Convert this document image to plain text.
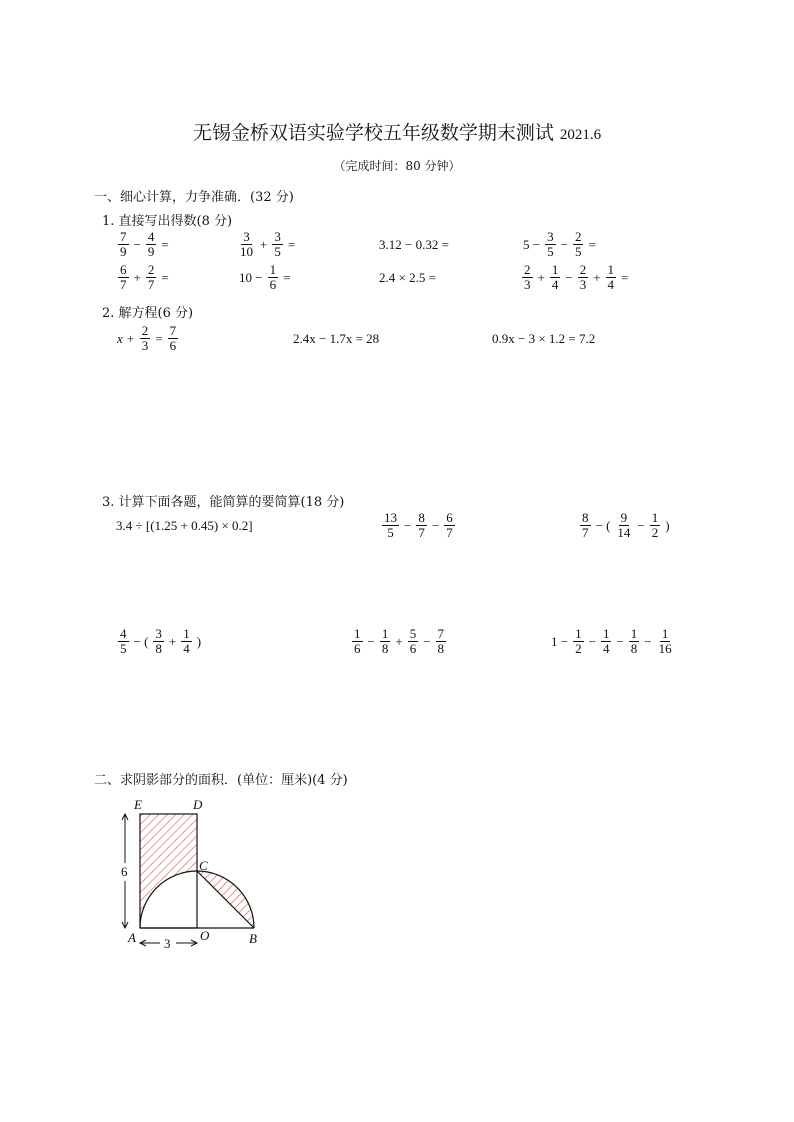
无锡金桥双语实验学校五年级数学期末测试 2021.6
（完成时间：80 分钟）
一、细心计算，力争准确．(32 分)
1. 直接写出得数(8 分)
$\frac{7}{9} - \frac{4}{9}$ =	$\frac{3}{10} + \frac{3}{5}$ =	3.12 − 0.32 =	$5 - \frac{3}{5} - \frac{2}{5}$ =
$\frac{6}{7} + \frac{2}{7}$ =	$10 - \frac{1}{6}$ =	2.4 × 2.5 =	$\frac{2}{3} + \frac{1}{4} - \frac{2}{3} + \frac{1}{4}$ =
2. 解方程(6 分)
$x + \frac{2}{3} = \frac{7}{6}$	2.4x − 1.7x = 28	0.9x − 3 × 1.2 = 7.2
3. 计算下面各题，能简算的要简算(18 分)
3.4 ÷ [(1.25 + 0.45) × 0.2]	$\frac{13}{5} - \frac{8}{7} - \frac{6}{7}$	$\frac{8}{7}$ − ( $\frac{9}{14} - \frac{1}{2}$ )
$\frac{4}{5}$ − ( $\frac{3}{8} + \frac{1}{4}$ )	$\frac{1}{6} - \frac{1}{8} + \frac{5}{6} - \frac{7}{8}$	$1 - \frac{1}{2} - \frac{1}{4} - \frac{1}{8} - \frac{1}{16}$
二、求阴影部分的面积．(单位：厘米)(4 分)
E	D
C
A	O	B
6
3
